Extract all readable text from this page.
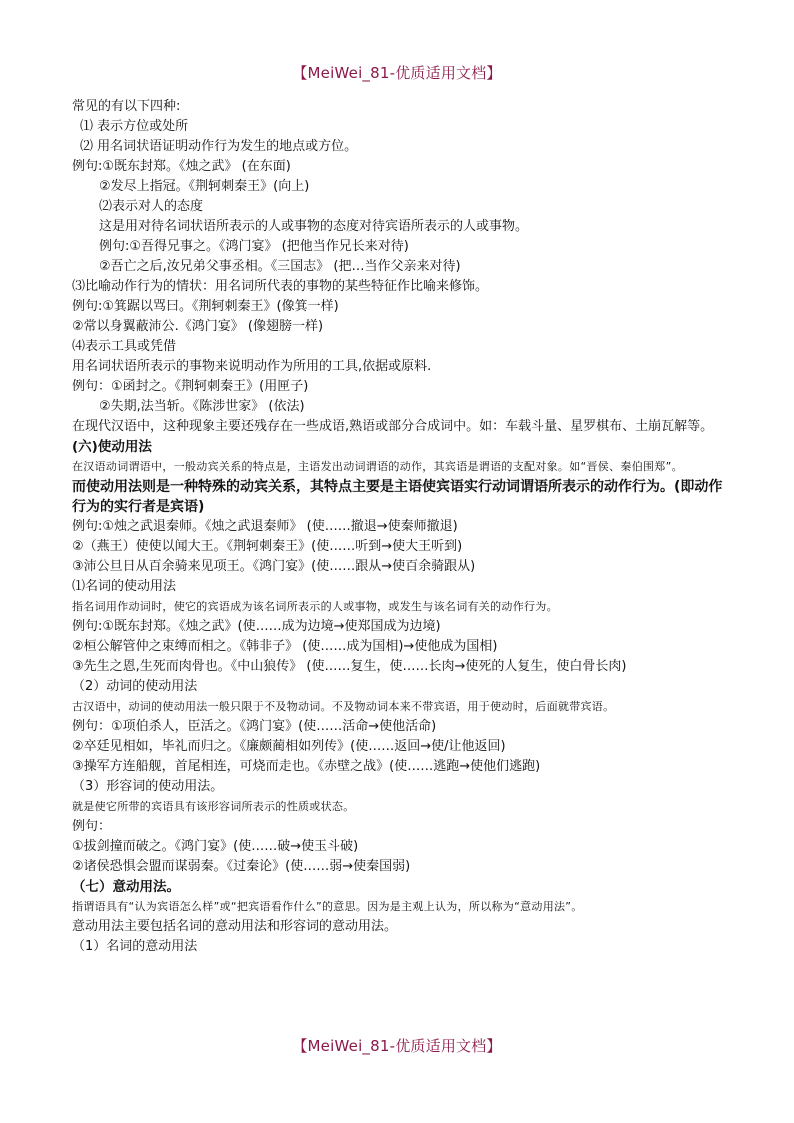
【MeiWei_81-优质适用文档】
常见的有以下四种:
⑴ 表示方位或处所
⑵ 用名词状语证明动作行为发生的地点或方位。
例句:①既东封郑。《烛之武》 (在东面)
②发尽上指冠。《荆轲刺秦王》(向上)
⑵表示对人的态度
这是用对待名词状语所表示的人或事物的态度对待宾语所表示的人或事物。
例句:①吾得兄事之。《鸿门宴》 (把他当作兄长来对待)
②吾亡之后,汝兄弟父事丞相。《三国志》 (把…当作父亲来对待)
⑶比喻动作行为的情状：用名词所代表的事物的某些特征作比喻来修饰。
例句:①箕踞以骂曰。《荆轲刺秦王》(像箕一样)
②常以身翼蔽沛公.《鸿门宴》 (像翅膀一样)
⑷表示工具或凭借
用名词状语所表示的事物来说明动作为所用的工具,依据或原料.
例句：①函封之。《荆轲刺秦王》(用匣子)
②失期,法当斩。《陈涉世家》 (依法)
在现代汉语中，这种现象主要还残存在一些成语,熟语或部分合成词中。如：车载斗量、星罗棋布、土崩瓦解等。
(六)使动用法
在汉语动词谓语中，一般动宾关系的特点是，主语发出动词谓语的动作，其宾语是谓语的支配对象。如“晋侯、秦伯围郑”。
而使动用法则是一种特殊的动宾关系，其特点主要是主语使宾语实行动词谓语所表示的动作行为。(即动作行为的实行者是宾语)
例句:①烛之武退秦师。《烛之武退秦师》 (使……撤退→使秦师撤退)
②（燕王）使使以闻大王。《荆轲刺秦王》(使……听到→使大王听到)
③沛公旦日从百余骑来见项王。《鸿门宴》(使……跟从→使百余骑跟从)
⑴名词的使动用法
指名词用作动词时，使它的宾语成为该名词所表示的人或事物，或发生与该名词有关的动作行为。
例句:①既东封郑。《烛之武》(使……成为边境→使郑国成为边境)
②桓公解管仲之束缚而相之。《韩非子》 (使……成为国相)→使他成为国相)
③先生之恩,生死而肉骨也。《中山狼传》 (使……复生，使……长肉→使死的人复生，使白骨长肉)
（2）动词的使动用法
古汉语中，动词的使动用法一般只限于不及物动词。不及物动词本来不带宾语，用于使动时，后面就带宾语。
例句：①项伯杀人，臣活之。《鸿门宴》(使……活命→使他活命)
②卒廷见相如，毕礼而归之。《廉颇蔺相如列传》(使……返回→使/让他返回)
③操军方连船舰，首尾相连，可烧而走也。《赤壁之战》(使……逃跑→使他们逃跑)
（3）形容词的使动用法。
就是使它所带的宾语具有该形容词所表示的性质或状态。
例句：
①拔剑撞而破之。《鸿门宴》(使……破→使玉斗破)
②诸侯恐惧会盟而谋弱秦。《过秦论》(使……弱→使秦国弱)
（七）意动用法。
指谓语具有“认为宾语怎么样”或“把宾语看作什么”的意思。因为是主观上认为，所以称为“意动用法”。
意动用法主要包括名词的意动用法和形容词的意动用法。
（1）名词的意动用法
【MeiWei_81-优质适用文档】
